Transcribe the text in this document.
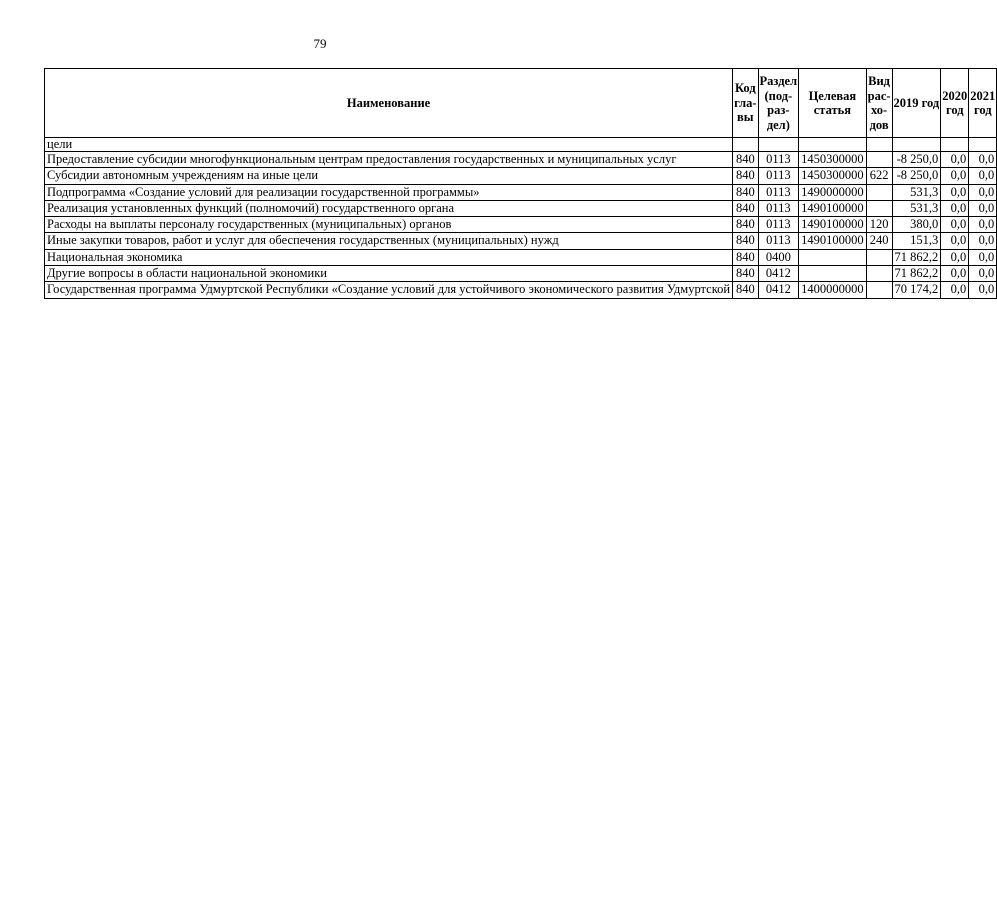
79
Наименование	Код гла-вы	Раздел (под-раз-дел)	Целевая статья	Вид рас-хо-дов	2019 год	2020 год	2021 год
цели							
Предоставление субсидии многофункциональным центрам предоставления государственных и муниципальных услуг	840	0113	1450300000		-8 250,0	0,0	0,0
Субсидии автономным учреждениям на иные цели	840	0113	1450300000	622	-8 250,0	0,0	0,0
Подпрограмма «Создание условий для реализации государственной программы»	840	0113	1490000000		531,3	0,0	0,0
Реализация установленных функций (полномочий) государственного органа	840	0113	1490100000		531,3	0,0	0,0
Расходы на выплаты персоналу государственных (муниципальных) органов	840	0113	1490100000	120	380,0	0,0	0,0
Иные закупки товаров, работ и услуг для обеспечения государственных (муниципальных) нужд	840	0113	1490100000	240	151,3	0,0	0,0
Национальная экономика	840	0400			71 862,2	0,0	0,0
Другие вопросы в области национальной экономики	840	0412			71 862,2	0,0	0,0
Государственная программа Удмуртской Республики «Создание условий для устойчивого экономического развития Удмуртской	840	0412	1400000000		70 174,2	0,0	0,0
